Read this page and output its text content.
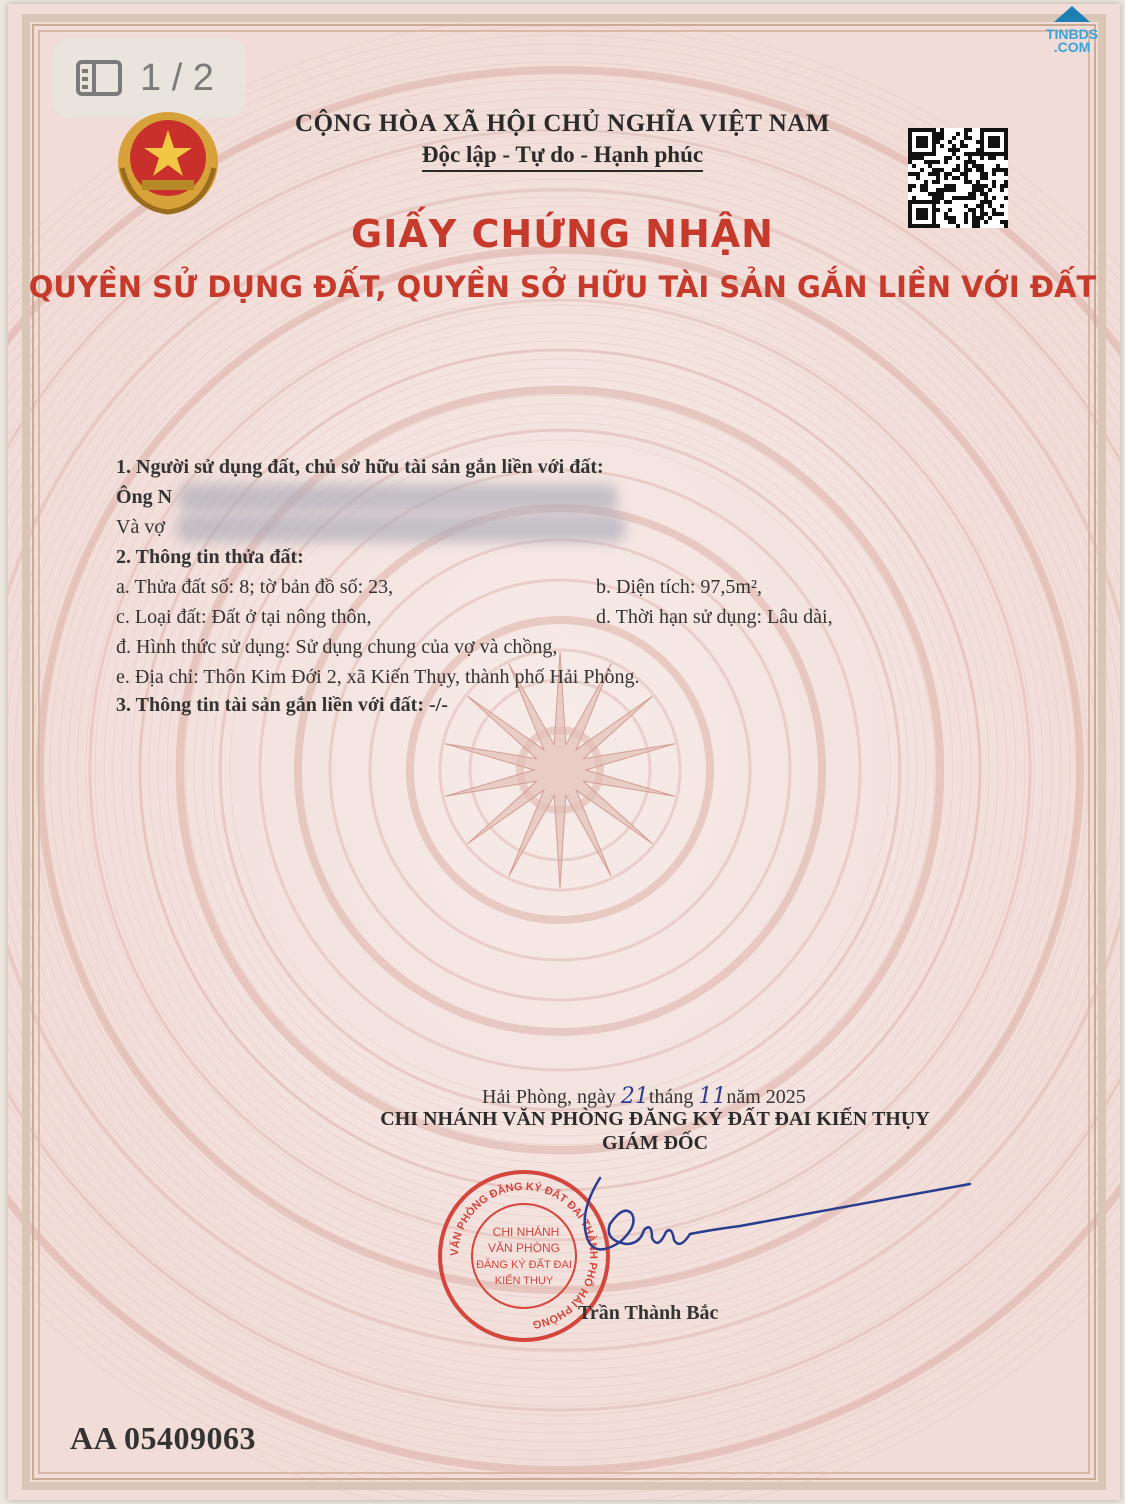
1 / 2
TINBDS
.COM
CỘNG HÒA XÃ HỘI CHỦ NGHĨA VIỆT NAM
Độc lập - Tự do - Hạnh phúc
GIẤY CHỨNG NHẬN
QUYỀN SỬ DỤNG ĐẤT, QUYỀN SỞ HỮU TÀI SẢN GẮN LIỀN VỚI ĐẤT
1. Người sử dụng đất, chủ sở hữu tài sản gắn liền với đất:
Ông N
Và vợ
2. Thông tin thửa đất:
a. Thửa đất số: 8; tờ bản đồ số: 23,	b. Diện tích: 97,5m²,
c. Loại đất: Đất ở tại nông thôn,	d. Thời hạn sử dụng: Lâu dài,
đ. Hình thức sử dụng: Sử dụng chung của vợ và chồng,
e. Địa chỉ: Thôn Kim Đới 2, xã Kiến Thụy, thành phố Hải Phòng.
3. Thông tin tài sản gắn liền với đất: -/-
Hải Phòng, ngày 21tháng 11năm 2025
CHI NHÁNH VĂN PHÒNG ĐĂNG KÝ ĐẤT ĐAI KIẾN THỤY
GIÁM ĐỐC
VĂN PHÒNG ĐĂNG KÝ ĐẤT ĐAI THÀNH PHỐ HẢI PHÒNG
CHI NHÁNH
VĂN PHÒNG
ĐĂNG KÝ ĐẤT ĐAI
KIẾN THỤY
Trần Thành Bắc
AA 05409063
